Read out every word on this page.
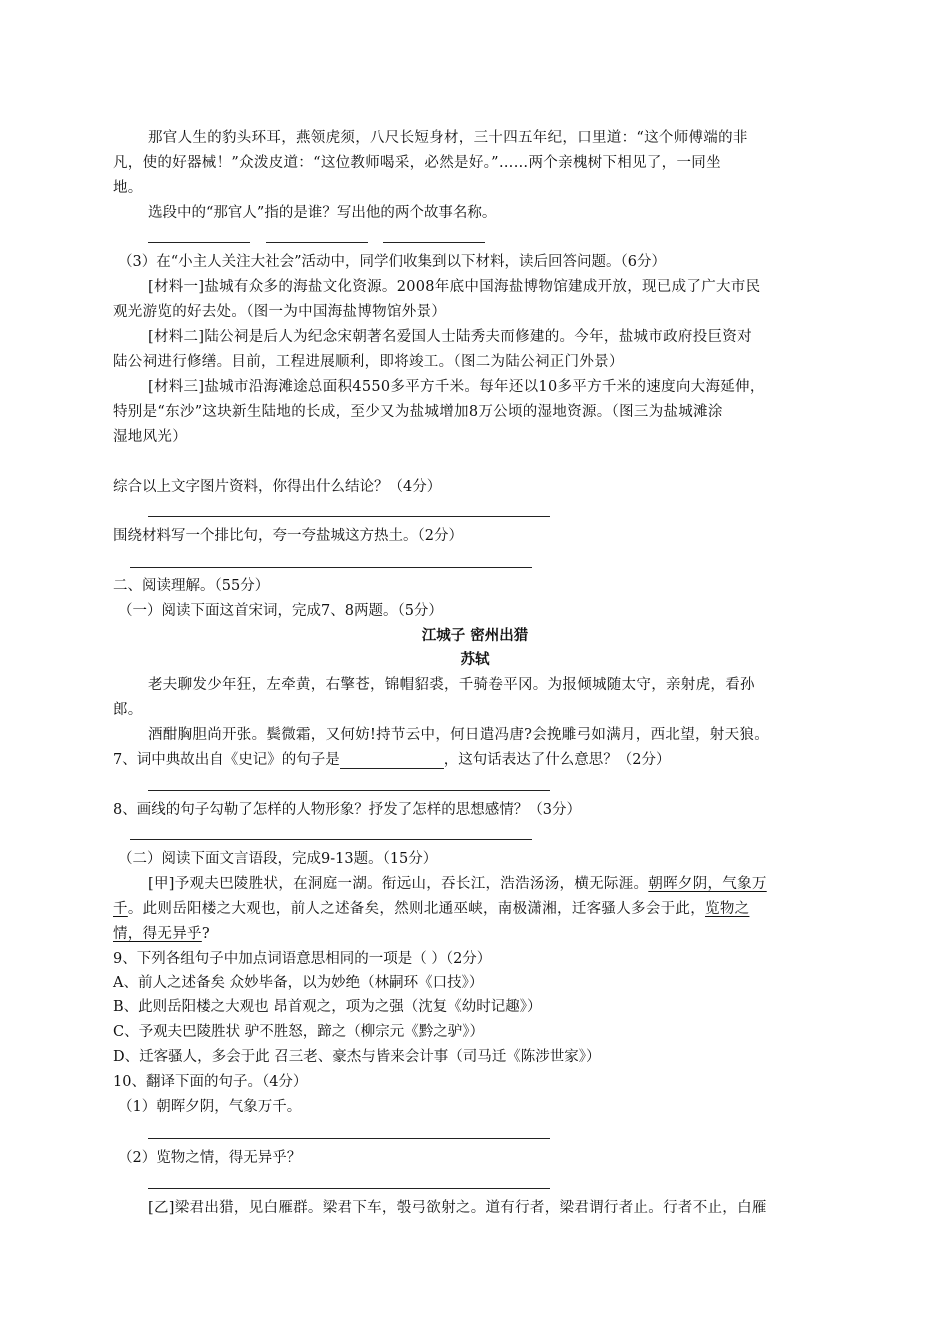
那官人生的豹头环耳，燕领虎须，八尺长短身材，三十四五年纪，口里道：“这个师傅端的非
凡，使的好器械！”众泼皮道：“这位教师喝采，必然是好。”……两个亲槐树下相见了，一同坐
地。
选段中的“那官人”指的是谁？写出他的两个故事名称。
（3）在“小主人关注大社会”活动中，同学们收集到以下材料，读后回答问题。（6分）
[材料一]盐城有众多的海盐文化资源。2008年底中国海盐博物馆建成开放，现已成了广大市民
观光游览的好去处。（图一为中国海盐博物馆外景）
[材料二]陆公祠是后人为纪念宋朝著名爱国人士陆秀夫而修建的。今年，盐城市政府投巨资对
陆公祠进行修缮。目前，工程进展顺利，即将竣工。（图二为陆公祠正门外景）
[材料三]盐城市沿海滩途总面积4550多平方千米。每年还以10多平方千米的速度向大海延伸，
特别是“东沙”这块新生陆地的长成，至少又为盐城增加8万公顷的湿地资源。（图三为盐城滩涂
湿地风光）
综合以上文字图片资料，你得出什么结论？（4分）
围绕材料写一个排比句，夸一夸盐城这方热土。（2分）
二、阅读理解。（55分）
（一）阅读下面这首宋词，完成7、8两题。（5分）
江城子 密州出猎
苏轼
老夫聊发少年狂，左牵黄，右擎苍，锦帽貂裘，千骑卷平冈。为报倾城随太守，亲射虎，看孙
郎。
酒酣胸胆尚开张。鬓微霜，又何妨!持节云中，何日遣冯唐?会挽雕弓如满月，西北望，射天狼。
7、词中典故出自《史记》的句子是	，这句话表达了什么意思？（2分）
8、画线的句子勾勒了怎样的人物形象？抒发了怎样的思想感情？（3分）
（二）阅读下面文言语段，完成9-13题。（15分）
[甲]予观夫巴陵胜状，在洞庭一湖。衔远山，吞长江，浩浩汤汤，横无际涯。朝晖夕阴，气象万
千。此则岳阳楼之大观也，前人之述备矣，然则北通巫峡，南极潇湘，迁客骚人多会于此，览物之
情，得无异乎?
9、下列各组句子中加点词语意思相同的一项是（ ）（2分）
A、前人之述备矣 众妙毕备，以为妙绝（林嗣环《口技》）
B、此则岳阳楼之大观也 昂首观之，项为之强（沈复《幼时记趣》）
C、予观夫巴陵胜状 驴不胜怒，蹄之（柳宗元《黔之驴》）
D、迁客骚人，多会于此 召三老、豪杰与皆来会计事（司马迁《陈涉世家》）
10、翻译下面的句子。（4分）
（1）朝晖夕阴，气象万千。
（2）览物之情，得无异乎？
[乙]梁君出猎，见白雁群。梁君下车，彀弓欲射之。道有行者，梁君谓行者止。行者不止，白雁
